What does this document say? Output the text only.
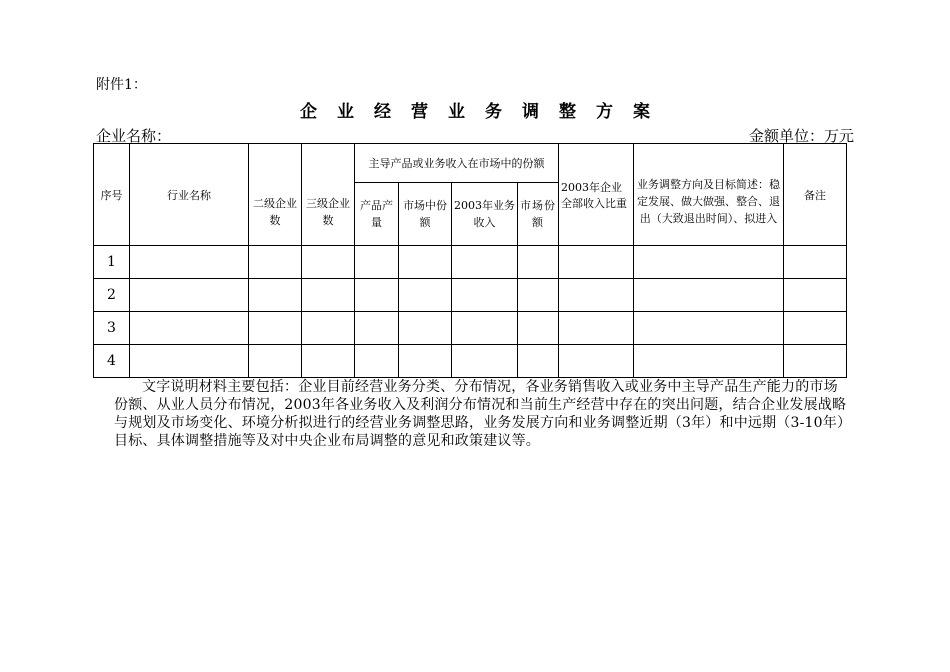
附件1：
企业经营业务调整方案
企业名称：	金额单位：万元
序号	行业名称	二级企业数	三级企业数	主导产品或业务收入在市场中的份额				2003年企业全部收入比重	业务调整方向及目标简述：稳定发展、做大做强、整合、退出（大致退出时间）、拟进入	备注
				产品产量	市场中份额	2003年业务收入	市场份额			
1										
2										
3										
4										

文字说明材料主要包括：企业目前经营业务分类、分布情况，各业务销售收入或业务中主导产品生产能力的市场份额、从业人员分布情况，2003年各业务收入及利润分布情况和当前生产经营中存在的突出问题，结合企业发展战略与规划及市场变化、环境分析拟进行的经营业务调整思路，业务发展方向和业务调整近期（3年）和中远期（3-10年）目标、具体调整措施等及对中央企业布局调整的意见和政策建议等。
